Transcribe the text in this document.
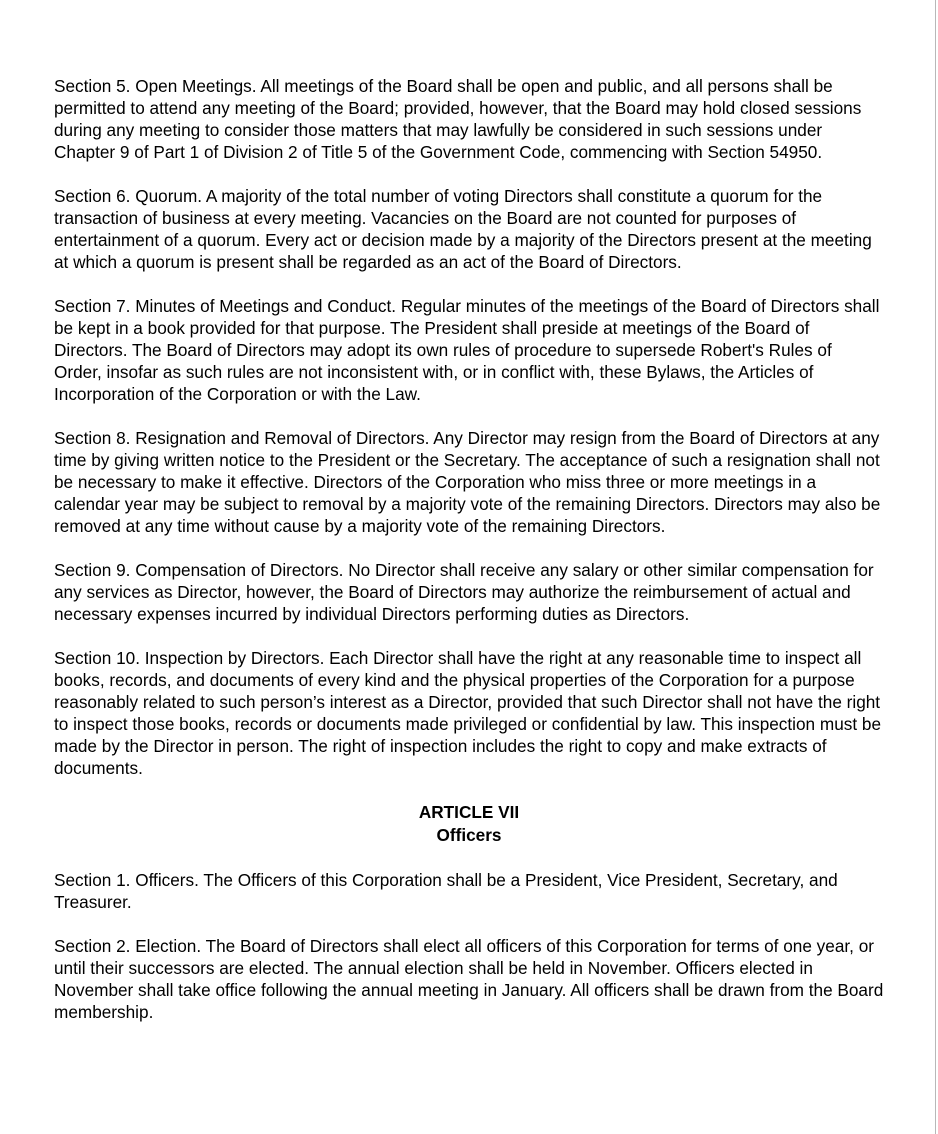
Section 5. Open Meetings. All meetings of the Board shall be open and public, and all persons shall be permitted to attend any meeting of the Board; provided, however, that the Board may hold closed sessions during any meeting to consider those matters that may lawfully be considered in such sessions under Chapter 9 of Part 1 of Division 2 of Title 5 of the Government Code, commencing with Section 54950.

Section 6. Quorum. A majority of the total number of voting Directors shall constitute a quorum for the transaction of business at every meeting. Vacancies on the Board are not counted for purposes of entertainment of a quorum. Every act or decision made by a majority of the Directors present at the meeting at which a quorum is present shall be regarded as an act of the Board of Directors.

Section 7. Minutes of Meetings and Conduct. Regular minutes of the meetings of the Board of Directors shall be kept in a book provided for that purpose. The President shall preside at meetings of the Board of Directors. The Board of Directors may adopt its own rules of procedure to supersede Robert's Rules of Order, insofar as such rules are not inconsistent with, or in conflict with, these Bylaws, the Articles of Incorporation of the Corporation or with the Law.

Section 8. Resignation and Removal of Directors. Any Director may resign from the Board of Directors at any time by giving written notice to the President or the Secretary. The acceptance of such a resignation shall not be necessary to make it effective. Directors of the Corporation who miss three or more meetings in a calendar year may be subject to removal by a majority vote of the remaining Directors. Directors may also be removed at any time without cause by a majority vote of the remaining Directors.

Section 9. Compensation of Directors. No Director shall receive any salary or other similar compensation for any services as Director, however, the Board of Directors may authorize the reimbursement of actual and necessary expenses incurred by individual Directors performing duties as Directors.

Section 10. Inspection by Directors. Each Director shall have the right at any reasonable time to inspect all books, records, and documents of every kind and the physical properties of the Corporation for a purpose reasonably related to such person’s interest as a Director, provided that such Director shall not have the right to inspect those books, records or documents made privileged or confidential by law. This inspection must be made by the Director in person. The right of inspection includes the right to copy and make extracts of documents.

ARTICLE VII
Officers

Section 1. Officers. The Officers of this Corporation shall be a President, Vice President, Secretary, and Treasurer.

Section 2. Election. The Board of Directors shall elect all officers of this Corporation for terms of one year, or until their successors are elected. The annual election shall be held in November. Officers elected in November shall take office following the annual meeting in January. All officers shall be drawn from the Board membership.
